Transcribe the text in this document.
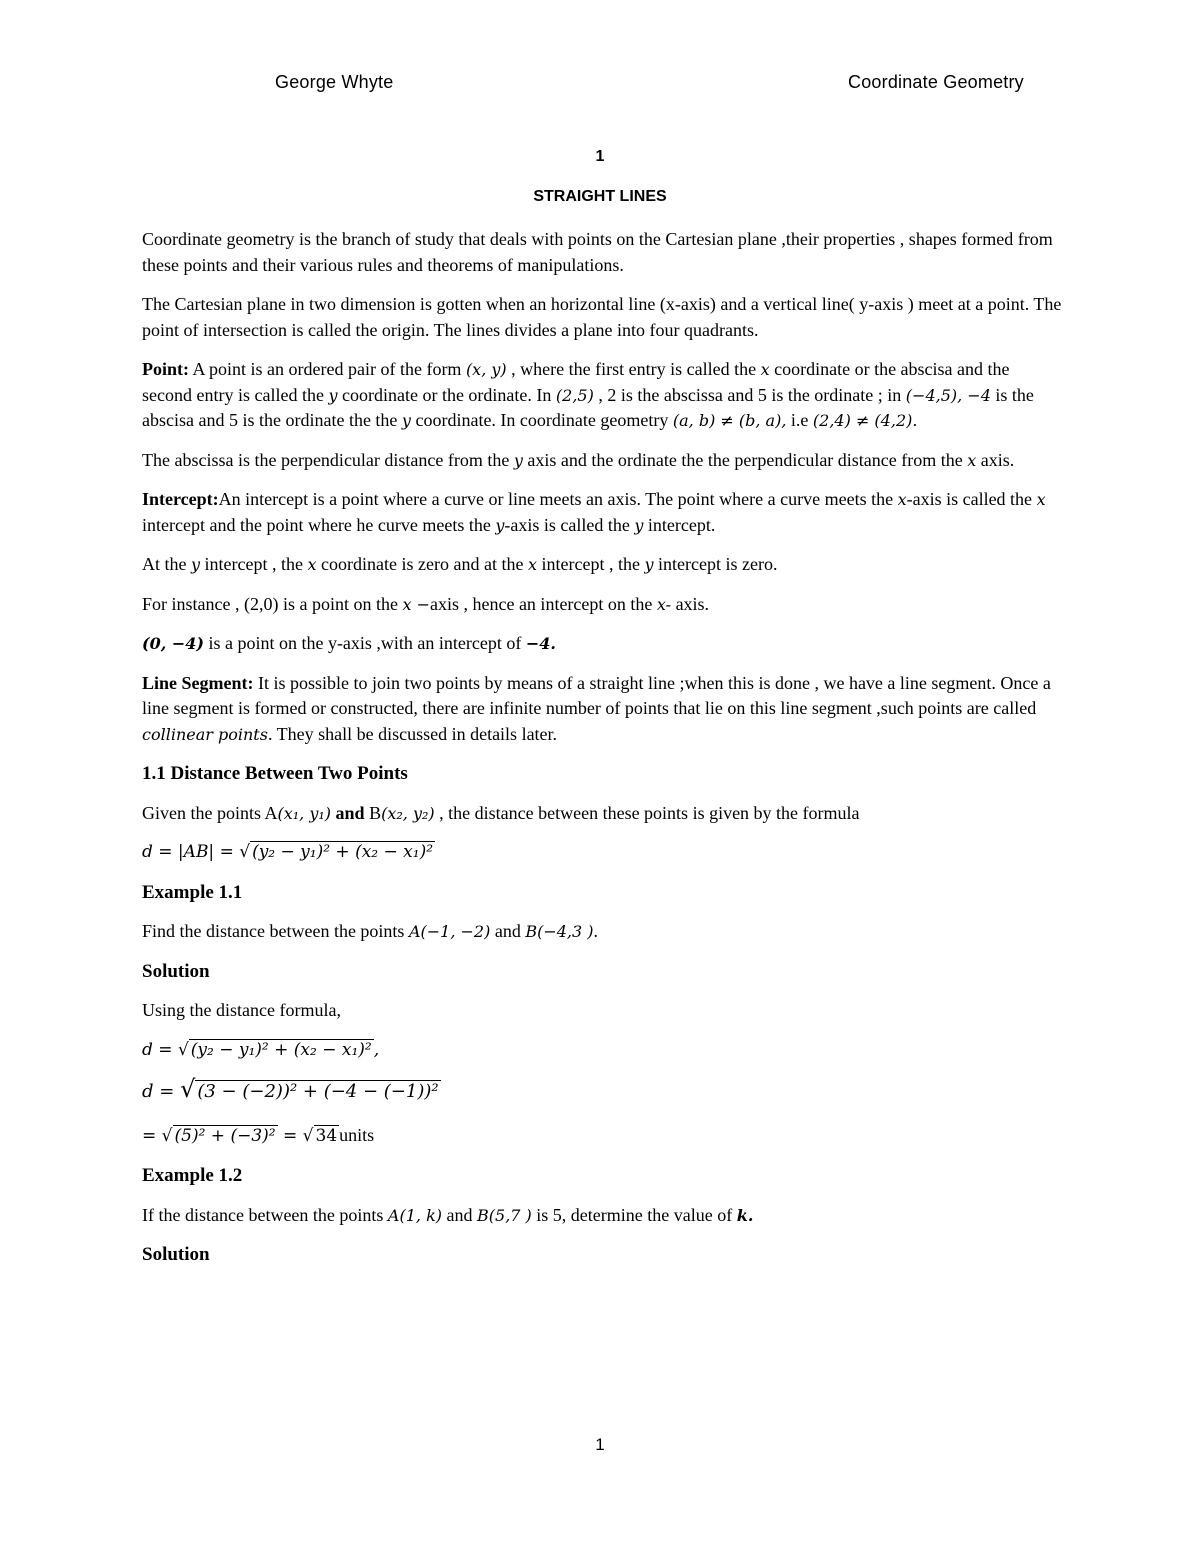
George Whyte	Coordinate Geometry
1
STRAIGHT LINES

Coordinate geometry is the branch of study that deals with points on the Cartesian plane ,their properties , shapes formed from these points and their various rules and theorems of manipulations.

The Cartesian plane in two dimension is gotten when an horizontal line (x-axis) and a vertical line( y-axis ) meet at a point. The point of intersection is called the origin. The lines divides a plane into four quadrants.

Point: A point is an ordered pair of the form (x, y) , where the first entry is called the x coordinate or the abscisa and the second entry is called the y coordinate or the ordinate. In (2,5) , 2 is the abscissa and 5 is the ordinate ; in (−4,5), −4 is the abscisa and 5 is the ordinate the the y coordinate. In coordinate geometry (a, b) ≠ (b, a), i.e (2,4) ≠ (4,2).

The abscissa is the perpendicular distance from the y axis and the ordinate the the perpendicular distance from the x axis.

Intercept:An intercept is a point where a curve or line meets an axis. The point where a curve meets the x-axis is called the x intercept and the point where he curve meets the y-axis is called the y intercept.

At the y intercept , the x coordinate is zero and at the x intercept , the y intercept is zero.

For instance , (2,0) is a point on the x −axis , hence an intercept on the x- axis.

(0, −4) is a point on the y-axis ,with an intercept of −4.

Line Segment: It is possible to join two points by means of a straight line ;when this is done , we have a line segment. Once a line segment is formed or constructed, there are infinite number of points that lie on this line segment ,such points are called collinear points. They shall be discussed in details later.

1.1 Distance Between Two Points

Given the points A(x₁, y₁) and B(x₂, y₂) , the distance between these points is given by the formula

d = |AB| = √ (y₂ − y₁)² + (x₂ − x₁)²

Example 1.1

Find the distance between the points A(−1, −2) and B(−4,3 ).

Solution

Using the distance formula,

d = √ (y₂ − y₁)² + (x₂ − x₁)² ,

d = √ (3 − (−2))² + (−4 − (−1))²

= √ (5)² + (−3)² = √ 34 units

Example 1.2

If the distance between the points A(1, k) and B(5,7 ) is 5, determine the value of k.

Solution

1
